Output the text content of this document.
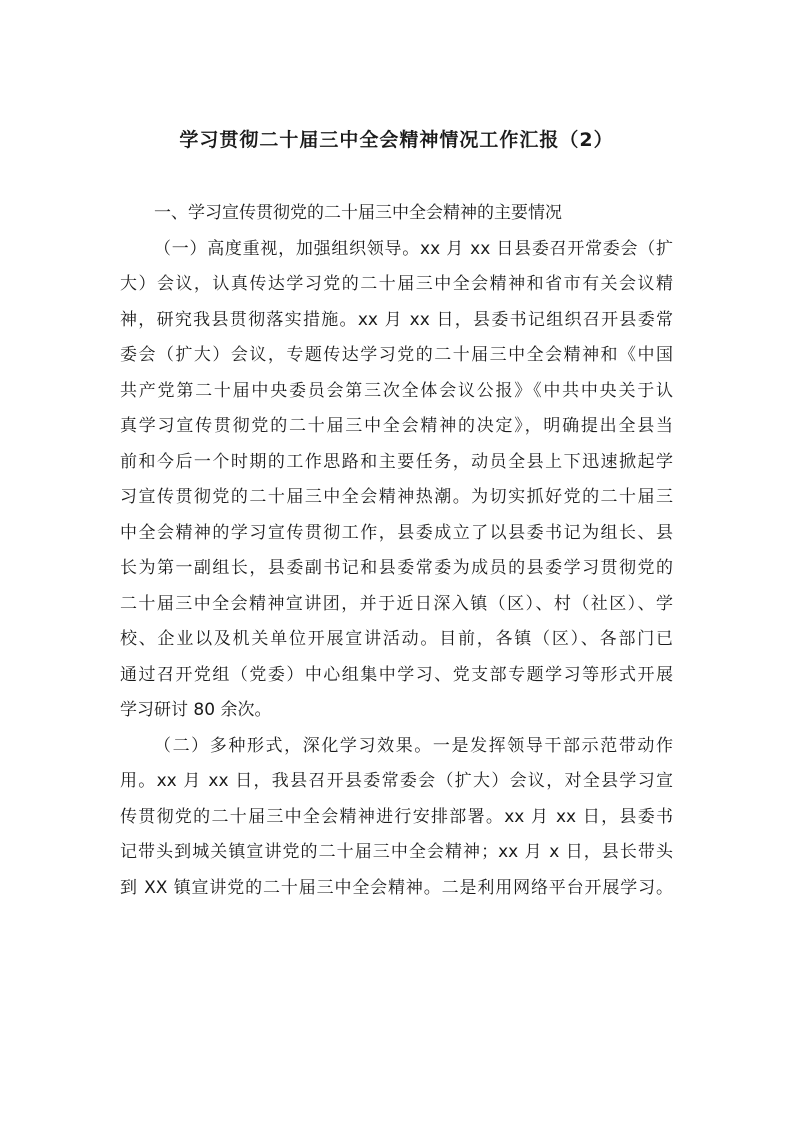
学习贯彻二十届三中全会精神情况工作汇报（2）
一、学习宣传贯彻党的二十届三中全会精神的主要情况
（一）高度重视，加强组织领导。xx 月 xx 日县委召开常委会（扩
大）会议，认真传达学习党的二十届三中全会精神和省市有关会议精
神，研究我县贯彻落实措施。xx 月 xx 日，县委书记组织召开县委常
委会（扩大）会议，专题传达学习党的二十届三中全会精神和《中国
共产党第二十届中央委员会第三次全体会议公报》《中共中央关于认
真学习宣传贯彻党的二十届三中全会精神的决定》，明确提出全县当
前和今后一个时期的工作思路和主要任务，动员全县上下迅速掀起学
习宣传贯彻党的二十届三中全会精神热潮。为切实抓好党的二十届三
中全会精神的学习宣传贯彻工作，县委成立了以县委书记为组长、县
长为第一副组长，县委副书记和县委常委为成员的县委学习贯彻党的
二十届三中全会精神宣讲团，并于近日深入镇（区）、村（社区）、学
校、企业以及机关单位开展宣讲活动。目前，各镇（区）、各部门已
通过召开党组（党委）中心组集中学习、党支部专题学习等形式开展
学习研讨 80 余次。
（二）多种形式，深化学习效果。一是发挥领导干部示范带动作
用。xx 月 xx 日，我县召开县委常委会（扩大）会议，对全县学习宣
传贯彻党的二十届三中全会精神进行安排部署。xx 月 xx 日，县委书
记带头到城关镇宣讲党的二十届三中全会精神；xx 月 x 日，县长带头
到 XX 镇宣讲党的二十届三中全会精神。二是利用网络平台开展学习。
